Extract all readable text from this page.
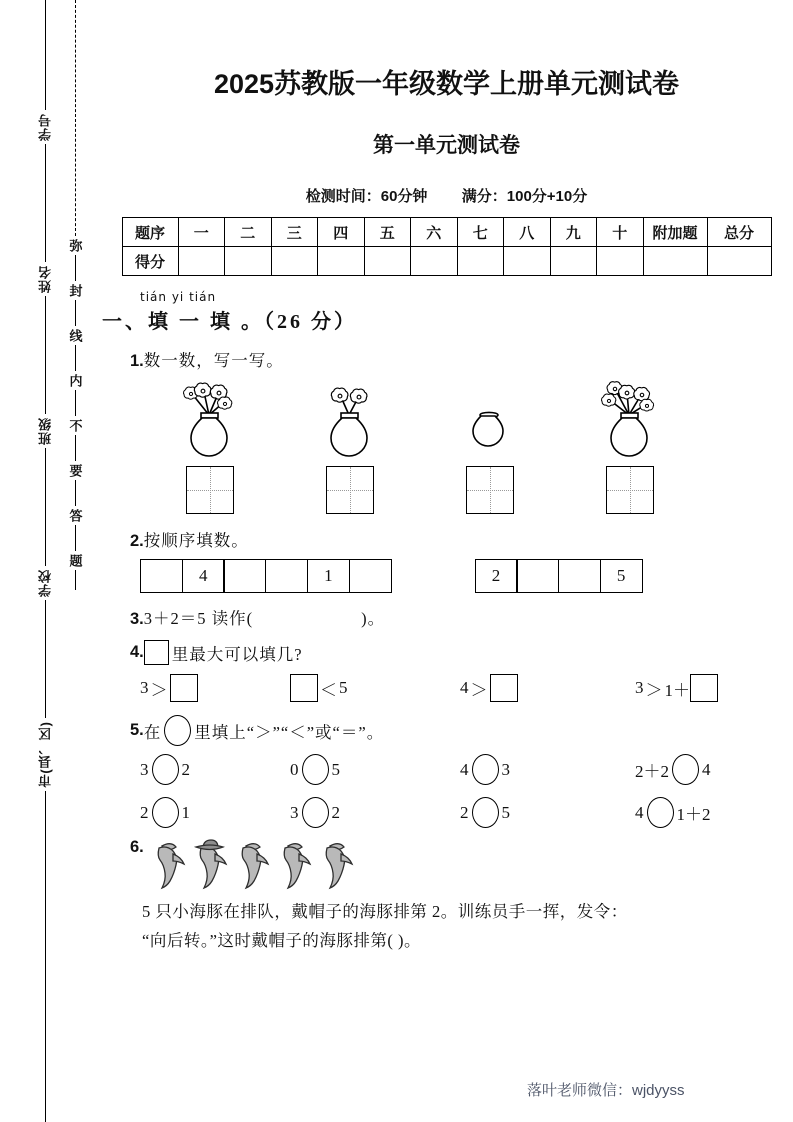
学号
姓名
班级
学校
市(县、区)
弥
封
线
内
不
要
答
题
2025苏教版一年级数学上册单元测试卷
第一单元测试卷
检测时间：60分钟 满分：100分+10分
题序	一	二	三	四	五	六	七	八	九	十	附加题	总分
得分												
tián yi tián
一、填 一 填 。（26 分）
1.数一数，写一写。
2.按顺序填数。
4	1	2	5
3.3＋2＝5 读作(	)。
4. 里最大可以填几?
3 ＞	＜ 5	4 ＞	3 ＞ 1＋
5. 在 里填上“＞”“＜”或“＝”。
3 2	0 5	4 3	2＋2 4
2 1	3 2	2 5	4 1＋2
6.
5 只小海豚在排队，戴帽子的海豚排第 2。训练员手一挥，发令：
“向后转。”这时戴帽子的海豚排第( )。
落叶老师微信：wjdyyss
